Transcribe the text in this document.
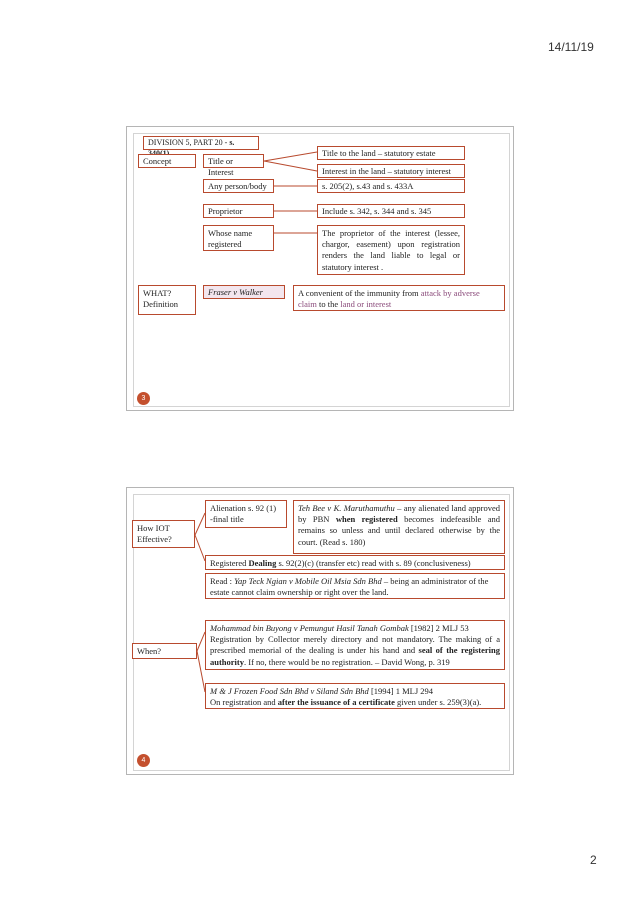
14/11/19
DIVISION 5, PART 20 - s.
Concept	Title or Interest
Title to the land – statutory estate
Interest in the land – statutory interest
Any person/body	s. 205(2), s.43 and s. 433A
Proprietor	Include s. 342, s. 344 and s. 345
Whose name
registered
The proprietor of the interest (lessee, chargor, easement) upon registration renders the land liable to legal or statutory interest .
WHAT?
Definition
Fraser v Walker	A convenient of the immunity from attack by adverse claim to the land or interest
3
How IOT
Effective?
Alienation s. 92 (1)
-final title
Teh Bee v K. Maruthamuthu – any alienated land approved by PBN when registered becomes indefeasible and remains so unless and until declared otherwise by the court. (Read s. 180)
Registered Dealing s. 92(2)(c) (transfer etc) read with s. 89 (conclusiveness)
Read : Yap Teck Ngian v Mobile Oil Msia Sdn Bhd – being an administrator of the estate cannot claim ownership or right over the land.
When?
Mohammad bin Buyong v Pemungut Hasil Tanah Gombak [1982] 2 MLJ 53
Registration by Collector merely directory and not mandatory. The making of a prescribed memorial of the dealing is under his hand and seal of the registering authority. If no, there would be no registration. – David Wong, p. 319
M & J Frozen Food Sdn Bhd v Siland Sdn Bhd [1994] 1 MLJ 294
On registration and after the issuance of a certificate given under s. 259(3)(a).
4
2
